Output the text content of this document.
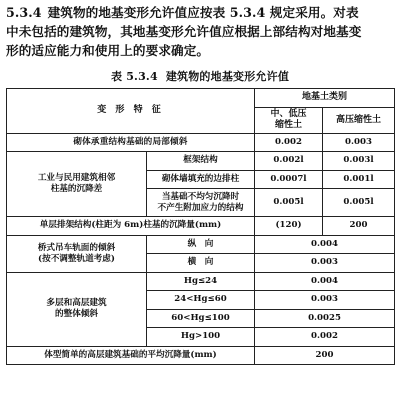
5.3.4 建筑物的地基变形允许值应按表 5.3.4 规定采用。对表
中未包括的建筑物，其地基变形允许值应根据上部结构对地基变
形的适应能力和使用上的要求确定。
表 5.3.4 建筑物的地基变形允许值
变 形 特 征		地基土类别	

		中、低压
缩性土	高压缩性土
砌体承重结构基础的局部倾斜		0.002	0.003

工业与民用建筑相邻
柱基的沉降差	框架结构	0.002l	0.003l
	砌体墙填充的边排柱	0.0007l	0.001l

	当基础不均匀沉降时
不产生附加应力的结构	0.005l	0.005l
单层排架结构(柱距为 6m)柱基的沉降量(mm)		(120)	200

桥式吊车轨面的倾斜
(按不调整轨道考虑)	纵　向	0.004	
	横　向	0.003	

多层和高层建筑
的整体倾斜	Hg≤24	0.004	
	24<Hg≤60	0.003	
	60<Hg≤100	0.0025	
	Hg>100	0.002	
体型简单的高层建筑基础的平均沉降量(mm)		200	
